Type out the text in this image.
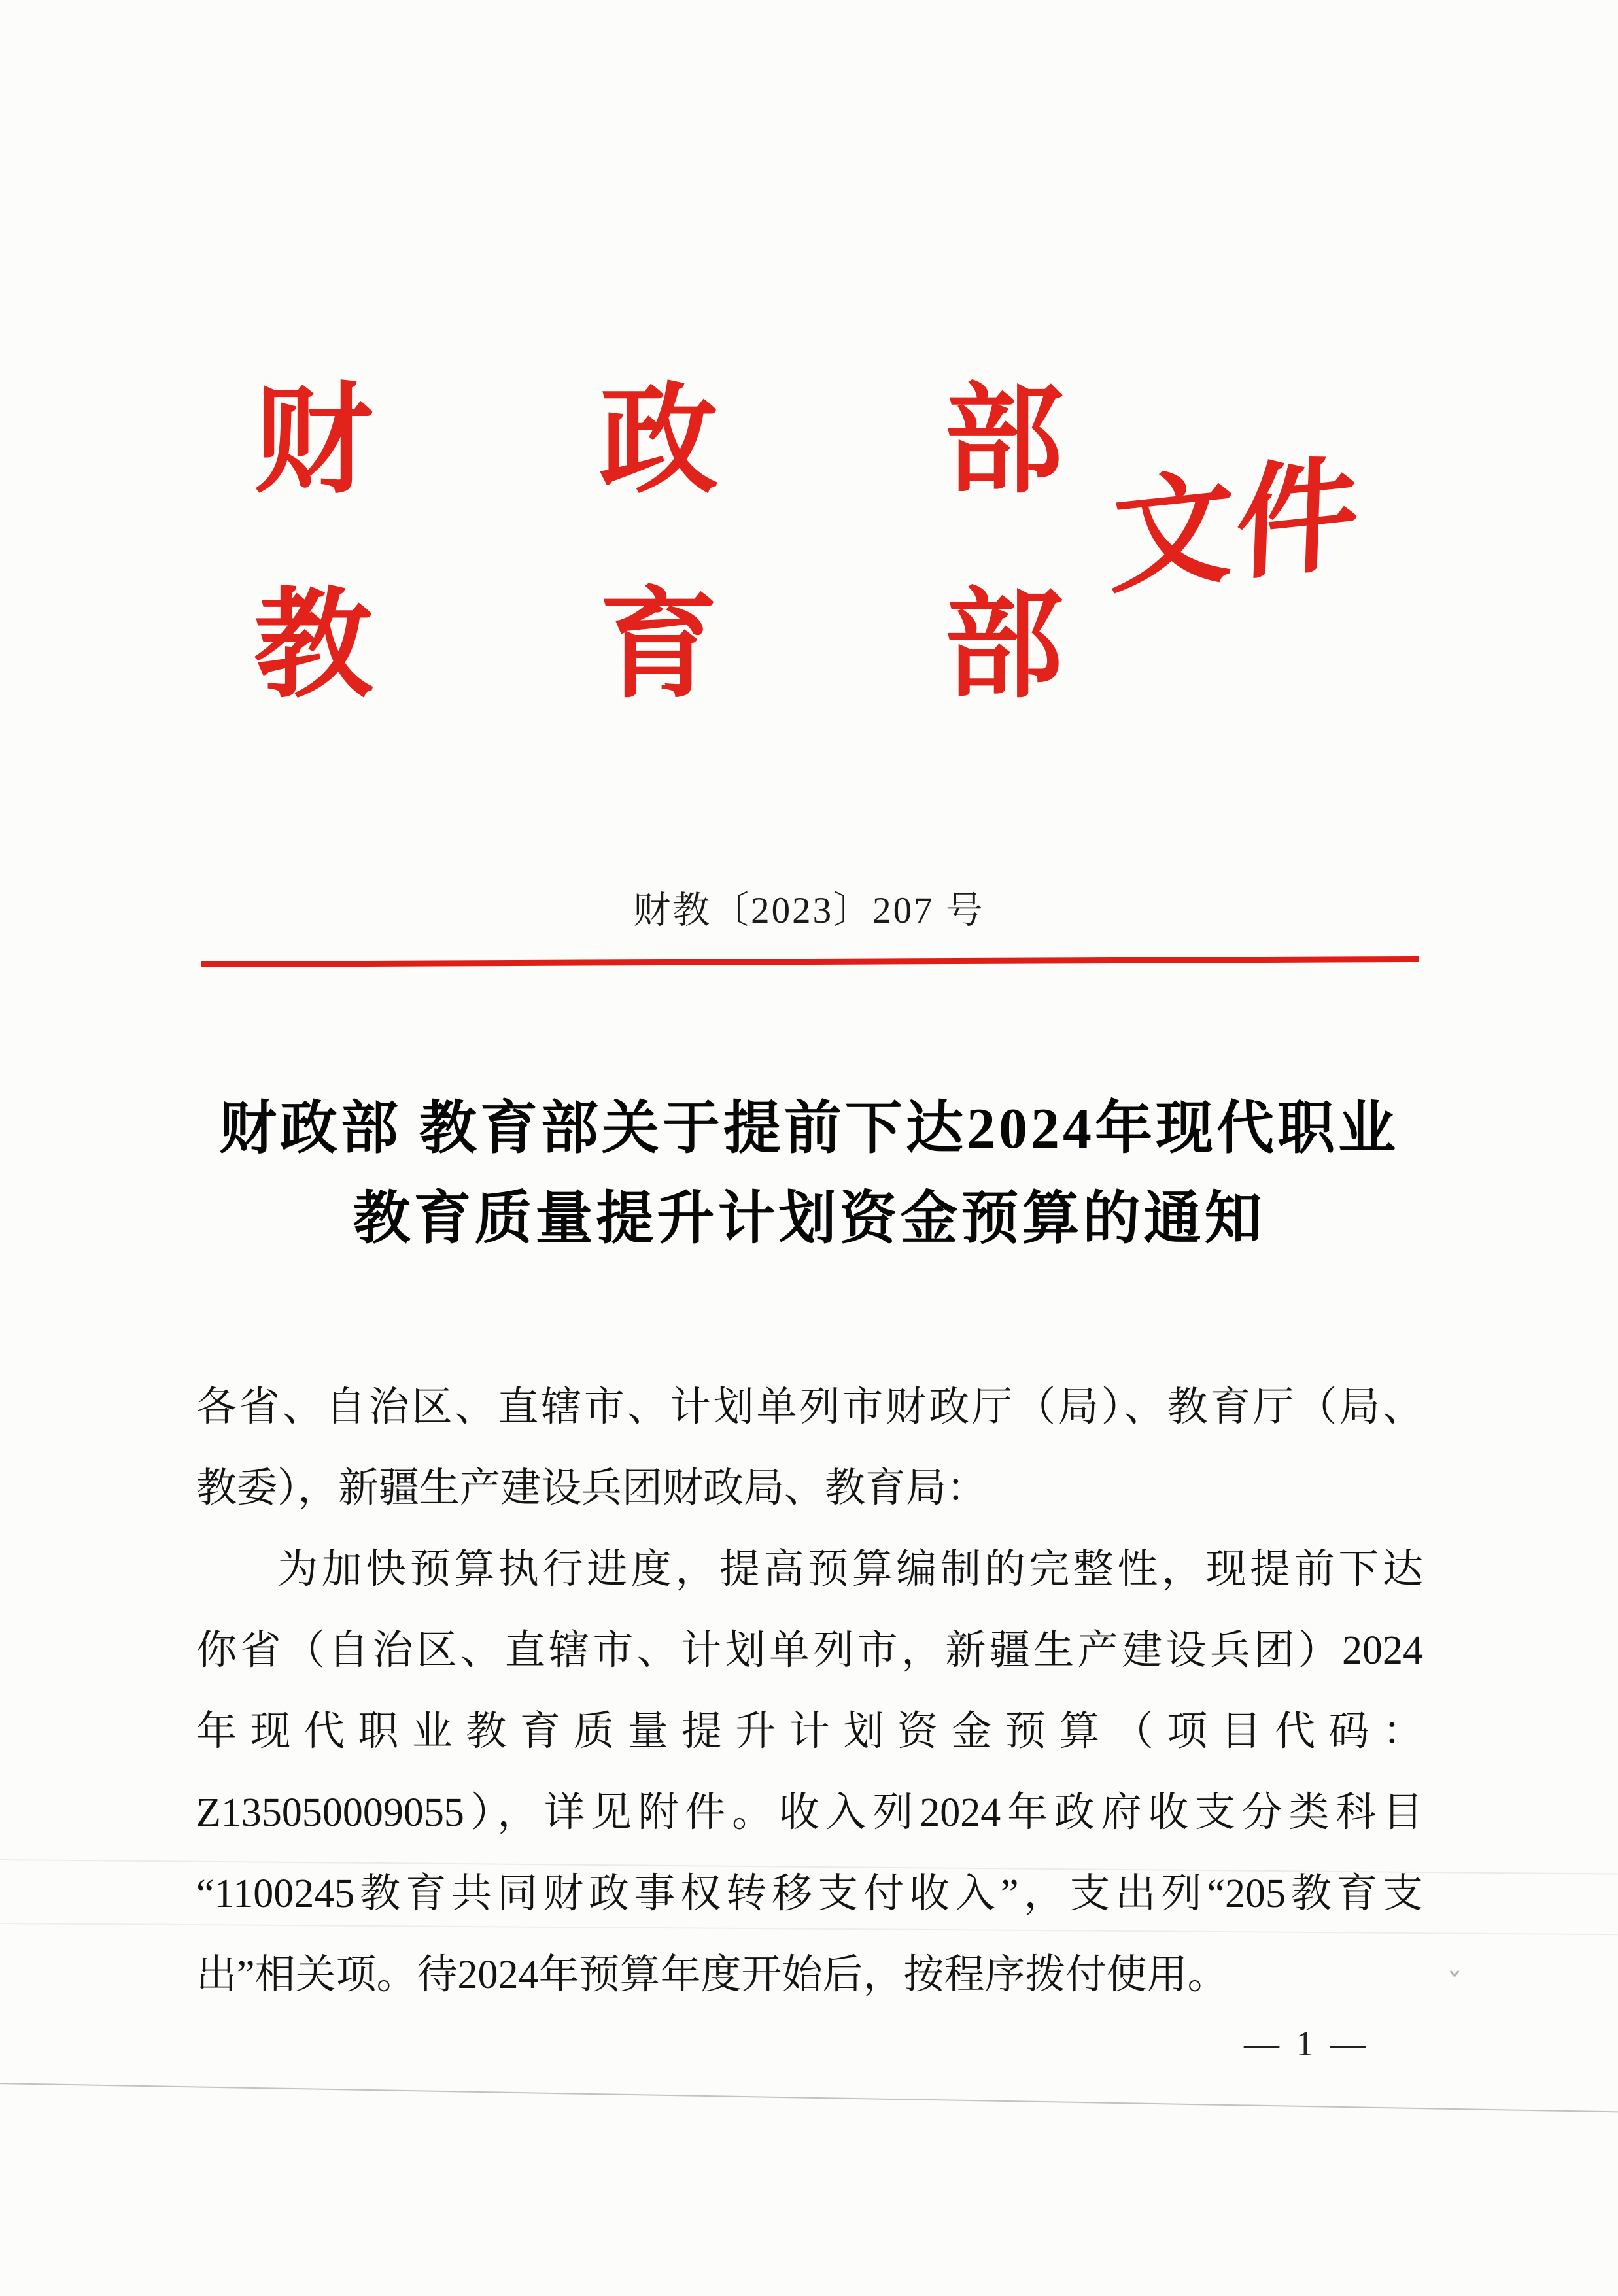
财 政 部
教 育 部
文件
财教〔2023〕207 号
财政部 教育部关于提前下达2024年现代职业
教育质量提升计划资金预算的通知
各省、自治区、直辖市、计划单列市财政厅（局）、教育厅（局、
教委），新疆生产建设兵团财政局、教育局：
为加快预算执行进度，提高预算编制的完整性，现提前下达
你省（自治区、直辖市、计划单列市，新疆生产建设兵团）2024
年现代职业教育质量提升计划资金预算（项目代码：
Z135050009055），详见附件。收入列2024年政府收支分类科目
“1100245教育共同财政事权转移支付收入”，支出列“205教育支
出”相关项。待2024年预算年度开始后，按程序拨付使用。
— 1 —
ˇ
